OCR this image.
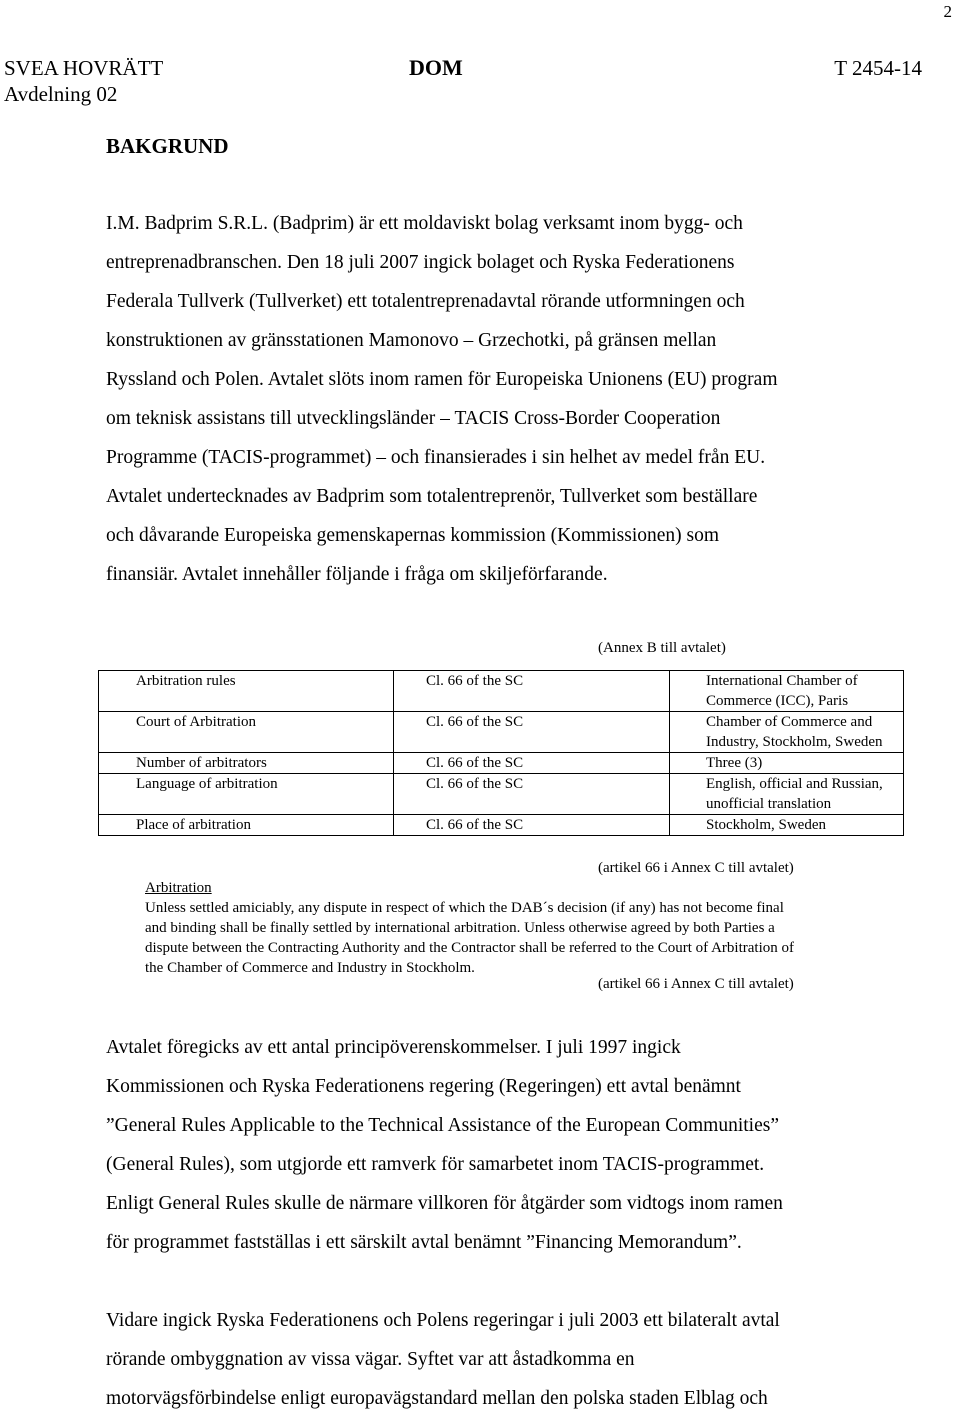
2
SVEA HOVRÄTT
Avdelning 02
DOM	T 2454-14
BAKGRUND
I.M. Badprim S.R.L. (Badprim) är ett moldaviskt bolag verksamt inom bygg- och
entreprenadbranschen. Den 18 juli 2007 ingick bolaget och Ryska Federationens
Federala Tullverk (Tullverket) ett totalentreprenadavtal rörande utformningen och
konstruktionen av gränsstationen Mamonovo – Grzechotki, på gränsen mellan
Ryssland och Polen. Avtalet slöts inom ramen för Europeiska Unionens (EU) program
om teknisk assistans till utvecklingsländer – TACIS Cross-Border Cooperation
Programme (TACIS-programmet) – och finansierades i sin helhet av medel från EU.
Avtalet undertecknades av Badprim som totalentreprenör, Tullverket som beställare
och dåvarande Europeiska gemenskapernas kommission (Kommissionen) som
finansiär. Avtalet innehåller följande i fråga om skiljeförfarande.
(Annex B till avtalet)
Arbitration rules	Cl. 66 of the SC	International Chamber of
Commerce (ICC), Paris

Court of Arbitration	Cl. 66 of the SC	Chamber of Commerce and
Industry, Stockholm, Sweden

Number of arbitrators	Cl. 66 of the SC	Three (3)

Language of arbitration	Cl. 66 of the SC	English, official and Russian,
unofficial translation

Place of arbitration	Cl. 66 of the SC	Stockholm, Sweden
(artikel 66 i Annex C till avtalet)
Arbitration
Unless settled amiciably, any dispute in respect of which the DAB´s decision (if any) has not become final
and binding shall be finally settled by international arbitration. Unless otherwise agreed by both Parties a
dispute between the Contracting Authority and the Contractor shall be referred to the Court of Arbitration of
the Chamber of Commerce and Industry in Stockholm.
(artikel 66 i Annex C till avtalet)
Avtalet föregicks av ett antal principöverenskommelser. I juli 1997 ingick
Kommissionen och Ryska Federationens regering (Regeringen) ett avtal benämnt
”General Rules Applicable to the Technical Assistance of the European Communities”
(General Rules), som utgjorde ett ramverk för samarbetet inom TACIS-programmet.
Enligt General Rules skulle de närmare villkoren för åtgärder som vidtogs inom ramen
för programmet fastställas i ett särskilt avtal benämnt ”Financing Memorandum”.
Vidare ingick Ryska Federationens och Polens regeringar i juli 2003 ett bilateralt avtal
rörande ombyggnation av vissa vägar. Syftet var att åstadkomma en
motorvägsförbindelse enligt europavägstandard mellan den polska staden Elblag och
